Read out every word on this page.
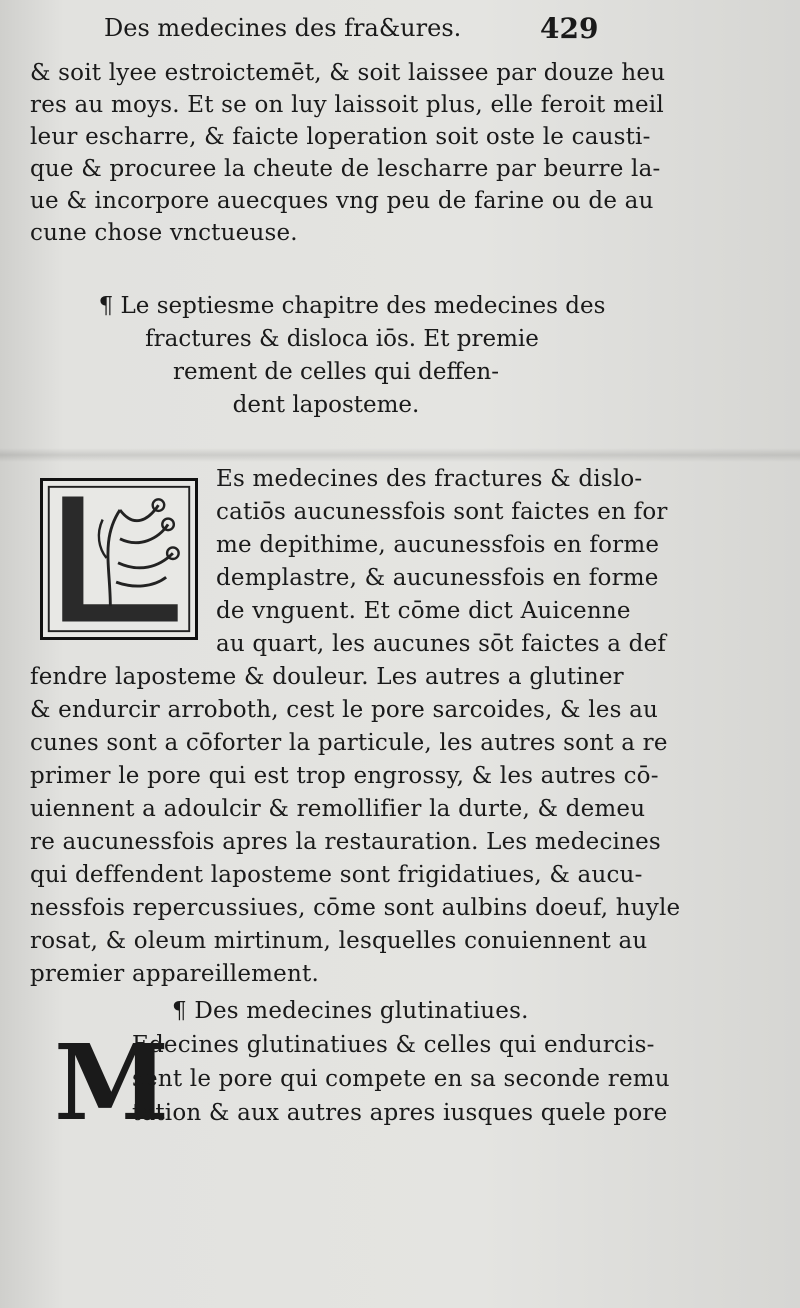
Des medecines des fra&ures.	429
& soit lyee estroictemēt, & soit laissee par douze heu
res au moys. Et se on luy laissoit plus, elle feroit meil
leur escharre, & faicte loperation soit oste le causti-
que & procuree la cheute de lescharre par beurre la-
ue & incorpore auecques vng peu de farine ou de au
cune chose vnctueuse.
¶ Le septiesme chapitre des medecines des
fractures & disloca iōs. Et premie
rement de celles qui deffen-
dent laposteme.
Es medecines des fractures & dislo-
catiōs aucunessfois sont faictes en for
me depithime, aucunessfois en forme
demplastre, & aucunessfois en forme
de vnguent. Et cōme dict Auicenne
au quart, les aucunes sōt faictes a def
fendre laposteme & douleur. Les autres a glutiner
& endurcir arroboth, cest le pore sarcoides, & les au
cunes sont a cōforter la particule, les autres sont a re
primer le pore qui est trop engrossy, & les autres cō-
uiennent a adoulcir & remollifier la durte, & demeu
re aucunessfois apres la restauration. Les medecines
qui deffendent laposteme sont frigidatiues, & aucu-
nessfois repercussiues, cōme sont aulbins doeuf, huyle
rosat, & oleum mirtinum, lesquelles conuiennent au
premier appareillement.
¶ Des medecines glutinatiues.
M
Edecines glutinatiues & celles qui endurcis-
sent le pore qui compete en sa seconde remu
tation & aux autres apres iusques quele pore
